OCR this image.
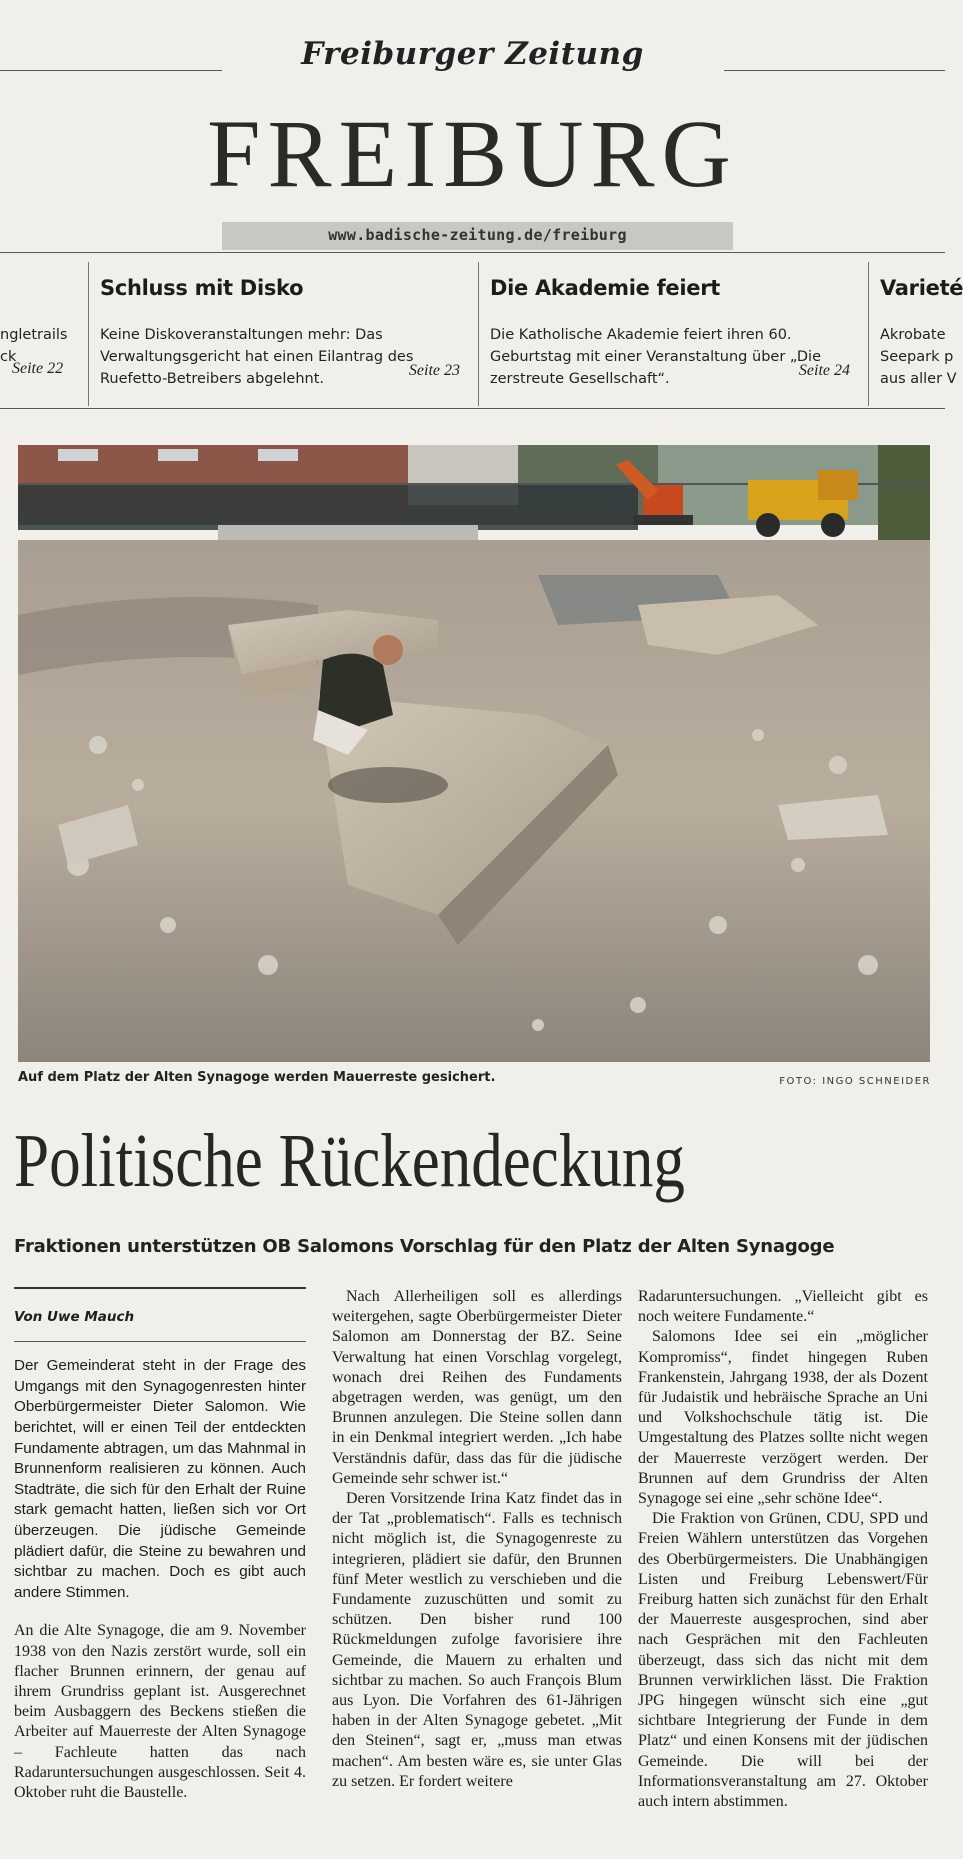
Freiburger Zeitung
FREIBURG
www.badische-zeitung.de/freiburg

ngletrails
ck

Seite 22
Schluss mit Disko

Keine Diskoveranstaltungen mehr: Das Verwaltungsgericht hat einen Eilantrag des Ruefetto-Betreibers abgelehnt.	Seite 23
Die Akademie feiert

Die Katholische Akademie feiert ihren 60. Geburtstag mit einer Veranstaltung über „Die zerstreute Gesellschaft“.	Seite 24
Varieté

Akrobate
Seepark p
aus aller V

Auf dem Platz der Alten Synagoge werden Mauerreste gesichert.	FOTO: INGO SCHNEIDER
Politische Rückendeckung
Fraktionen unterstützen OB Salomons Vorschlag für den Platz der Alten Synagoge
Von Uwe Mauch

Der Gemeinderat steht in der Frage des Umgangs mit den Synagogenresten hinter Oberbürgermeister Dieter Salomon. Wie berichtet, will er einen Teil der entdeckten Fundamente abtragen, um das Mahnmal in Brunnenform realisieren zu können. Auch Stadträte, die sich für den Erhalt der Ruine stark gemacht hatten, ließen sich vor Ort überzeugen. Die jüdische Gemeinde plädiert dafür, die Steine zu bewahren und sichtbar zu machen. Doch es gibt auch andere Stimmen.

An die Alte Synagoge, die am 9. November 1938 von den Nazis zerstört wurde, soll ein flacher Brunnen erinnern, der genau auf ihrem Grundriss geplant ist. Ausgerechnet beim Ausbaggern des Beckens stießen die Arbeiter auf Mauerreste der Alten Synagoge – Fachleute hatten das nach Radaruntersuchungen ausgeschlossen. Seit 4. Oktober ruht die Baustelle.

Nach Allerheiligen soll es allerdings weitergehen, sagte Oberbürgermeister Dieter Salomon am Donnerstag der BZ. Seine Verwaltung hat einen Vorschlag vorgelegt, wonach drei Reihen des Fundaments abgetragen werden, was genügt, um den Brunnen anzulegen. Die Steine sollen dann in ein Denkmal integriert werden. „Ich habe Verständnis dafür, dass das für die jüdische Gemeinde sehr schwer ist.“

Deren Vorsitzende Irina Katz findet das in der Tat „problematisch“. Falls es technisch nicht möglich ist, die Synagogenreste zu integrieren, plädiert sie dafür, den Brunnen fünf Meter westlich zu verschieben und die Fundamente zuzuschütten und somit zu schützen. Den bisher rund 100 Rückmeldungen zufolge favorisiere ihre Gemeinde, die Mauern zu erhalten und sichtbar zu machen. So auch François Blum aus Lyon. Die Vorfahren des 61-Jährigen haben in der Alten Synagoge gebetet. „Mit den Steinen“, sagt er, „muss man etwas machen“. Am besten wäre es, sie unter Glas zu setzen. Er fordert weitere

Radaruntersuchungen. „Vielleicht gibt es noch weitere Fundamente.“

Salomons Idee sei ein „möglicher Kompromiss“, findet hingegen Ruben Frankenstein, Jahrgang 1938, der als Dozent für Judaistik und hebräische Sprache an Uni und Volkshochschule tätig ist. Die Umgestaltung des Platzes sollte nicht wegen der Mauerreste verzögert werden. Der Brunnen auf dem Grundriss der Alten Synagoge sei eine „sehr schöne Idee“.

Die Fraktion von Grünen, CDU, SPD und Freien Wählern unterstützen das Vorgehen des Oberbürgermeisters. Die Unabhängigen Listen und Freiburg Lebenswert/Für Freiburg hatten sich zunächst für den Erhalt der Mauerreste ausgesprochen, sind aber nach Gesprächen mit den Fachleuten überzeugt, dass sich das nicht mit dem Brunnen verwirklichen lässt. Die Fraktion JPG hingegen wünscht sich eine „gut sichtbare Integrierung der Funde in dem Platz“ und einen Konsens mit der jüdischen Gemeinde. Die will bei der Informationsveranstaltung am 27. Oktober auch intern abstimmen.
